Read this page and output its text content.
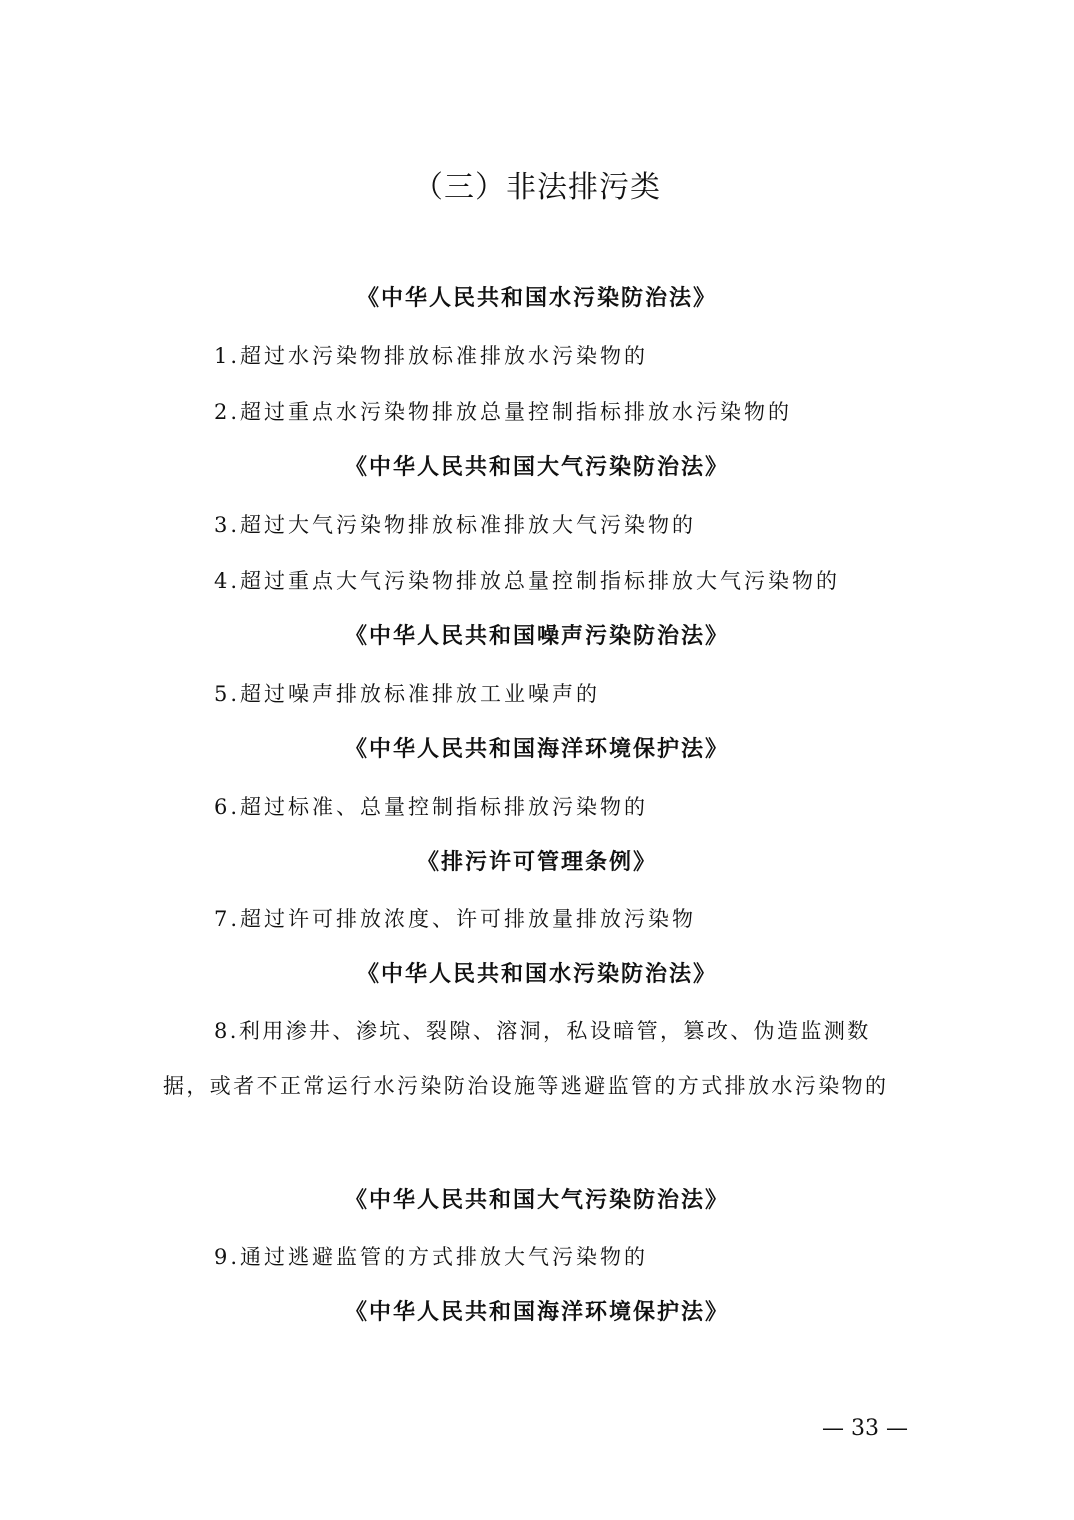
（三）非法排污类
《中华人民共和国水污染防治法》
1.超过水污染物排放标准排放水污染物的
2.超过重点水污染物排放总量控制指标排放水污染物的
《中华人民共和国大气污染防治法》
3.超过大气污染物排放标准排放大气污染物的
4.超过重点大气污染物排放总量控制指标排放大气污染物的
《中华人民共和国噪声污染防治法》
5.超过噪声排放标准排放工业噪声的
《中华人民共和国海洋环境保护法》
6.超过标准、总量控制指标排放污染物的
《排污许可管理条例》
7.超过许可排放浓度、许可排放量排放污染物
《中华人民共和国水污染防治法》
8.利用渗井、渗坑、裂隙、溶洞，私设暗管，篡改、伪造监测数据，或者不正常运行水污染防治设施等逃避监管的方式排放水污染物的
《中华人民共和国大气污染防治法》
9.通过逃避监管的方式排放大气污染物的
《中华人民共和国海洋环境保护法》
— 33 —
